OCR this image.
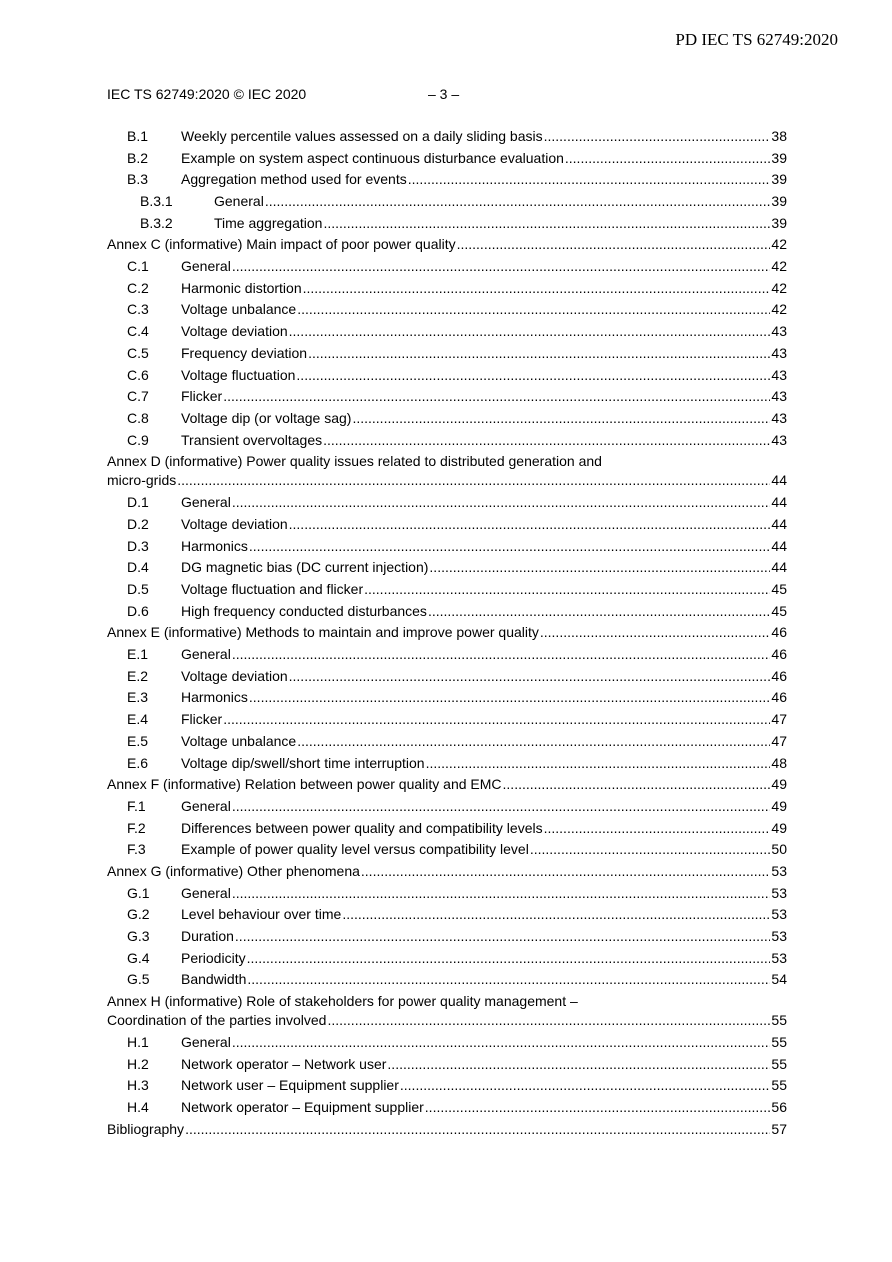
PD IEC TS 62749:2020
IEC TS 62749:2020 © IEC 2020	– 3 –
B.1	Weekly percentile values assessed on a daily sliding basis .....	38
B.2	Example on system aspect continuous disturbance evaluation .....	39
B.3	Aggregation method used for events .....	39
B.3.1	General .....	39
B.3.2	Time aggregation .....	39
Annex C (informative) Main impact of poor power quality .....	42
C.1	General .....	42
C.2	Harmonic distortion .....	42
C.3	Voltage unbalance .....	42
C.4	Voltage deviation .....	43
C.5	Frequency deviation .....	43
C.6	Voltage fluctuation .....	43
C.7	Flicker .....	43
C.8	Voltage dip (or voltage sag) .....	43
C.9	Transient overvoltages .....	43
Annex D (informative) Power quality issues related to distributed generation and
micro-grids .....	44
D.1	General .....	44
D.2	Voltage deviation .....	44
D.3	Harmonics .....	44
D.4	DG magnetic bias (DC current injection) .....	44
D.5	Voltage fluctuation and flicker .....	45
D.6	High frequency conducted disturbances .....	45
Annex E (informative) Methods to maintain and improve power quality .....	46
E.1	General .....	46
E.2	Voltage deviation .....	46
E.3	Harmonics .....	46
E.4	Flicker .....	47
E.5	Voltage unbalance .....	47
E.6	Voltage dip/swell/short time interruption .....	48
Annex F (informative) Relation between power quality and EMC .....	49
F.1	General .....	49
F.2	Differences between power quality and compatibility levels .....	49
F.3	Example of power quality level versus compatibility level .....	50
Annex G (informative) Other phenomena .....	53
G.1	General .....	53
G.2	Level behaviour over time .....	53
G.3	Duration .....	53
G.4	Periodicity .....	53
G.5	Bandwidth .....	54
Annex H (informative) Role of stakeholders for power quality management –
Coordination of the parties involved .....	55
H.1	General .....	55
H.2	Network operator – Network user .....	55
H.3	Network user – Equipment supplier .....	55
H.4	Network operator – Equipment supplier .....	56
Bibliography .....	57
